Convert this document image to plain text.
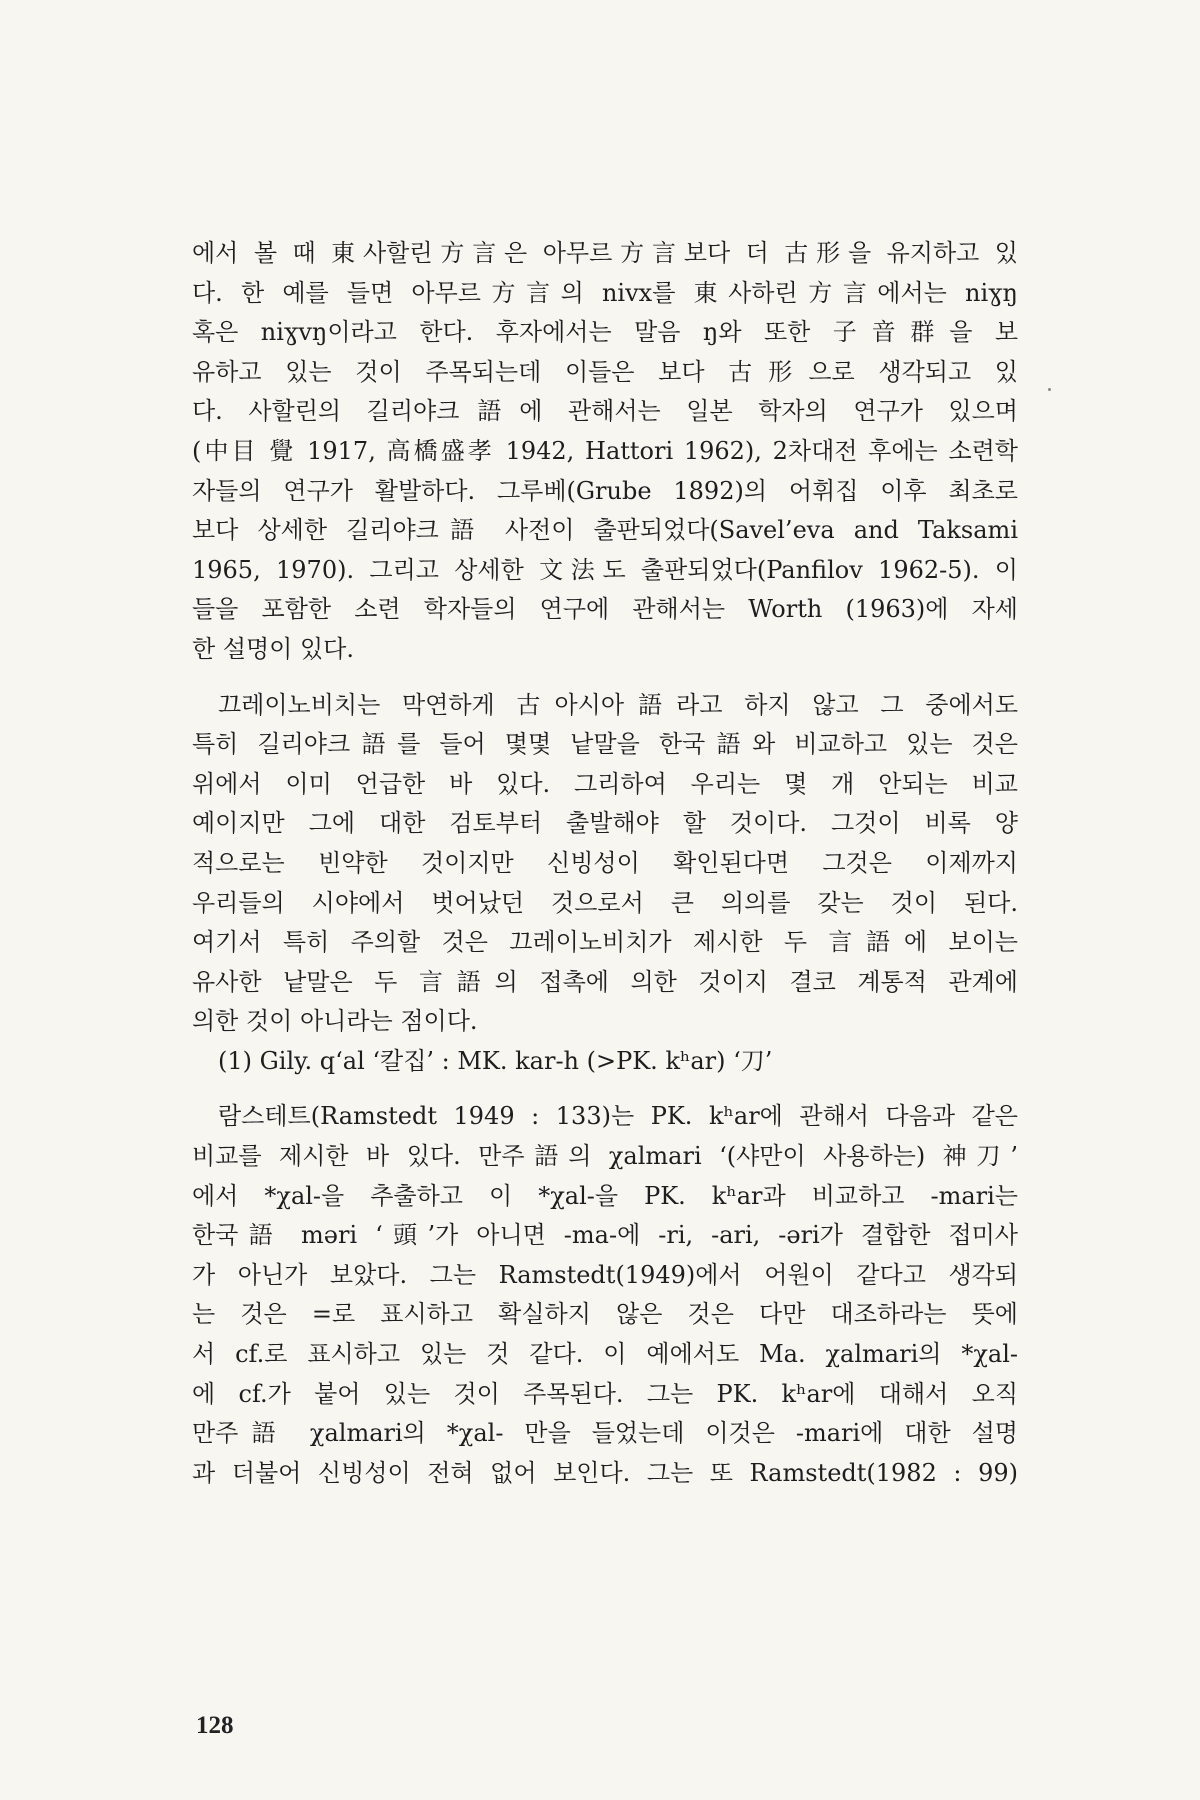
에서 볼 때 東사할린方言은 아무르方言보다 더 古形을 유지하고 있
다. 한 예를 들면 아무르方言의 nivx를 東사하린方言에서는 niɣŋ
혹은 niɣvŋ이라고 한다. 후자에서는 말음 ŋ와 또한 子音群을 보
유하고 있는 것이 주목되는데 이들은 보다 古形으로 생각되고 있
다. 사할린의 길리야크語에 관해서는 일본 학자의 연구가 있으며
(中目 覺 1917, 高橋盛孝 1942, Hattori 1962), 2차대전 후에는 소련학
자들의 연구가 활발하다. 그루베(Grube 1892)의 어휘집 이후 최초로
보다 상세한 길리야크語 사전이 출판되었다(Savel’eva and Taksami
1965, 1970). 그리고 상세한 文法도 출판되었다(Panfilov 1962-5). 이
들을 포함한 소련 학자들의 연구에 관해서는 Worth (1963)에 자세
한 설명이 있다.
끄레이노비치는 막연하게 古아시아語라고 하지 않고 그 중에서도
특히 길리야크語를 들어 몇몇 낱말을 한국語와 비교하고 있는 것은
위에서 이미 언급한 바 있다. 그리하여 우리는 몇 개 안되는 비교
예이지만 그에 대한 검토부터 출발해야 할 것이다. 그것이 비록 양
적으로는 빈약한 것이지만 신빙성이 확인된다면 그것은 이제까지
우리들의 시야에서 벗어났던 것으로서 큰 의의를 갖는 것이 된다.
여기서 특히 주의할 것은 끄레이노비치가 제시한 두 言語에 보이는
유사한 낱말은 두 言語의 접촉에 의한 것이지 결코 계통적 관계에
의한 것이 아니라는 점이다.
(1) Gily. q‘al ‘칼집’ : MK. kar-h (>PK. kʰar) ‘刀’
람스테트(Ramstedt 1949 : 133)는 PK. kʰar에 관해서 다음과 같은
비교를 제시한 바 있다. 만주語의 χalmari ‘(샤만이 사용하는) 神刀’
에서 *χal-을 추출하고 이 *χal-을 PK. kʰar과 비교하고 -mari는
한국語 məri ‘頭’가 아니면 -ma-에 -ri, -ari, -əri가 결합한 접미사
가 아닌가 보았다. 그는 Ramstedt(1949)에서 어원이 같다고 생각되
는 것은 =로 표시하고 확실하지 않은 것은 다만 대조하라는 뜻에
서 cf.로 표시하고 있는 것 같다. 이 예에서도 Ma. χalmari의 *χal-
에 cf.가 붙어 있는 것이 주목된다. 그는 PK. kʰar에 대해서 오직
만주語 χalmari의 *χal- 만을 들었는데 이것은 -mari에 대한 설명
과 더불어 신빙성이 전혀 없어 보인다. 그는 또 Ramstedt(1982 : 99)
128
